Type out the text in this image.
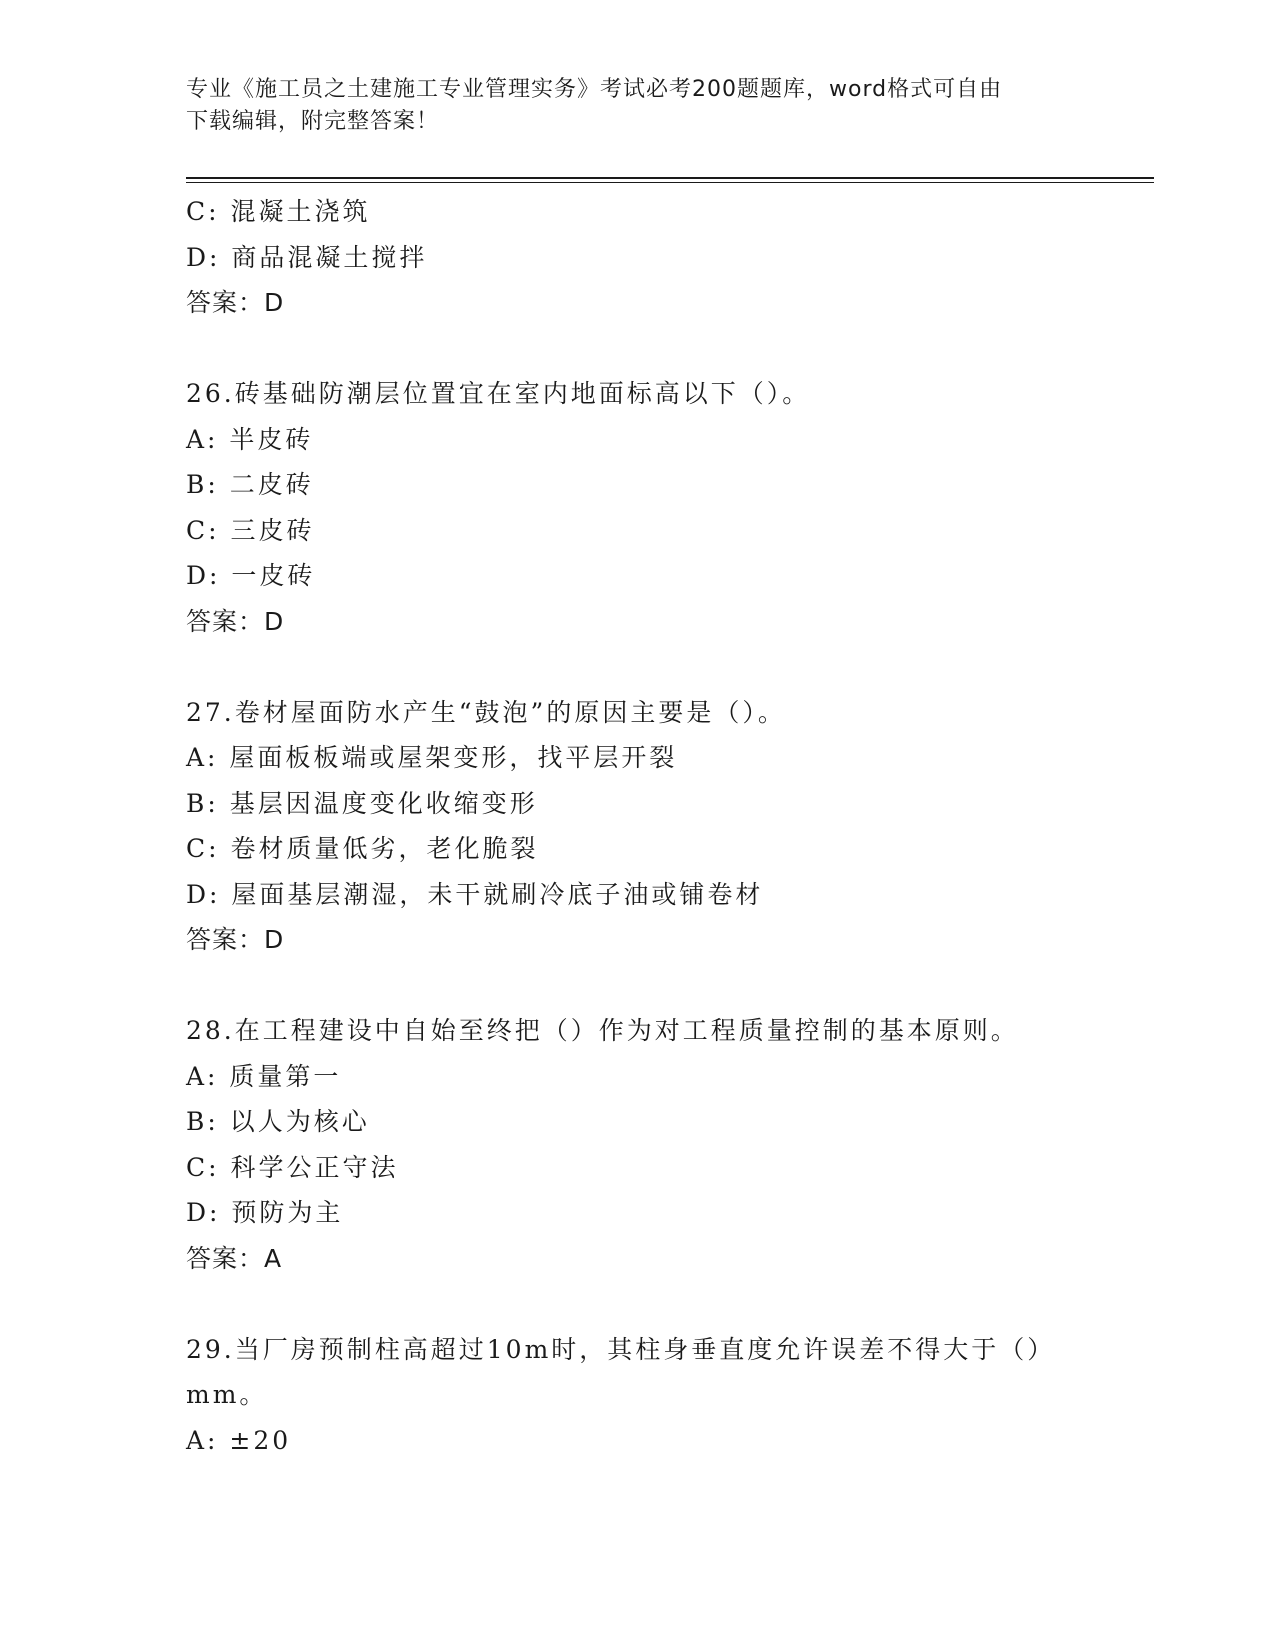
专业《施工员之土建施工专业管理实务》考试必考200题题库，word格式可自由
下载编辑，附完整答案！
C: 混凝土浇筑
D: 商品混凝土搅拌
答案：D
26.砖基础防潮层位置宜在室内地面标高以下（）。
A: 半皮砖
B: 二皮砖
C: 三皮砖
D: 一皮砖
答案：D
27.卷材屋面防水产生“鼓泡”的原因主要是（）。
A: 屋面板板端或屋架变形，找平层开裂
B: 基层因温度变化收缩变形
C: 卷材质量低劣，老化脆裂
D: 屋面基层潮湿，未干就刷冷底子油或铺卷材
答案：D
28.在工程建设中自始至终把（）作为对工程质量控制的基本原则。
A: 质量第一
B: 以人为核心
C: 科学公正守法
D: 预防为主
答案：A
29.当厂房预制柱高超过10m时，其柱身垂直度允许误差不得大于（）
mm。
A: ±20
